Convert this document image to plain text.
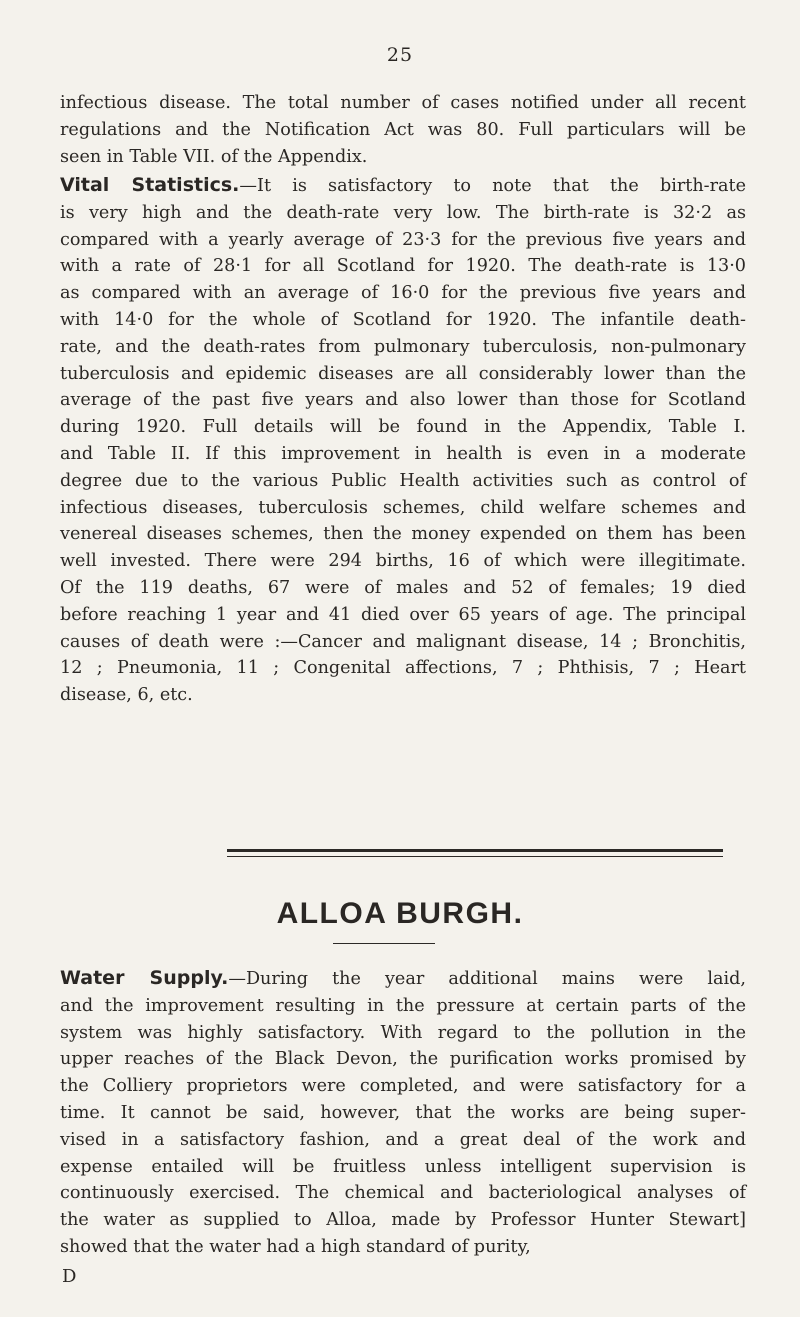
25
infectious disease. The total number of cases notified under all recent
regulations and the Notification Act was 80. Full particulars will be
seen in Table VII. of the Appendix.
Vital Statistics.—It is satisfactory to note that the birth-rate
is very high and the death-rate very low. The birth-rate is 32·2 as
compared with a yearly average of 23·3 for the previous five years and
with a rate of 28·1 for all Scotland for 1920. The death-rate is 13·0
as compared with an average of 16·0 for the previous five years and
with 14·0 for the whole of Scotland for 1920. The infantile death-
rate, and the death-rates from pulmonary tuberculosis, non-pulmonary
tuberculosis and epidemic diseases are all considerably lower than the
average of the past five years and also lower than those for Scotland
during 1920. Full details will be found in the Appendix, Table I.
and Table II. If this improvement in health is even in a moderate
degree due to the various Public Health activities such as control of
infectious diseases, tuberculosis schemes, child welfare schemes and
venereal diseases schemes, then the money expended on them has been
well invested. There were 294 births, 16 of which were illegitimate.
Of the 119 deaths, 67 were of males and 52 of females; 19 died
before reaching 1 year and 41 died over 65 years of age. The principal
causes of death were :—Cancer and malignant disease, 14 ; Bronchitis,
12 ; Pneumonia, 11 ; Congenital affections, 7 ; Phthisis, 7 ; Heart
disease, 6, etc.
ALLOA BURGH.
Water Supply.—During the year additional mains were laid,
and the improvement resulting in the pressure at certain parts of the
system was highly satisfactory. With regard to the pollution in the
upper reaches of the Black Devon, the purification works promised by
the Colliery proprietors were completed, and were satisfactory for a
time. It cannot be said, however, that the works are being super-
vised in a satisfactory fashion, and a great deal of the work and
expense entailed will be fruitless unless intelligent supervision is
continuously exercised. The chemical and bacteriological analyses of
the water as supplied to Alloa, made by Professor Hunter Stewart]
showed that the water had a high standard of purity,
D
